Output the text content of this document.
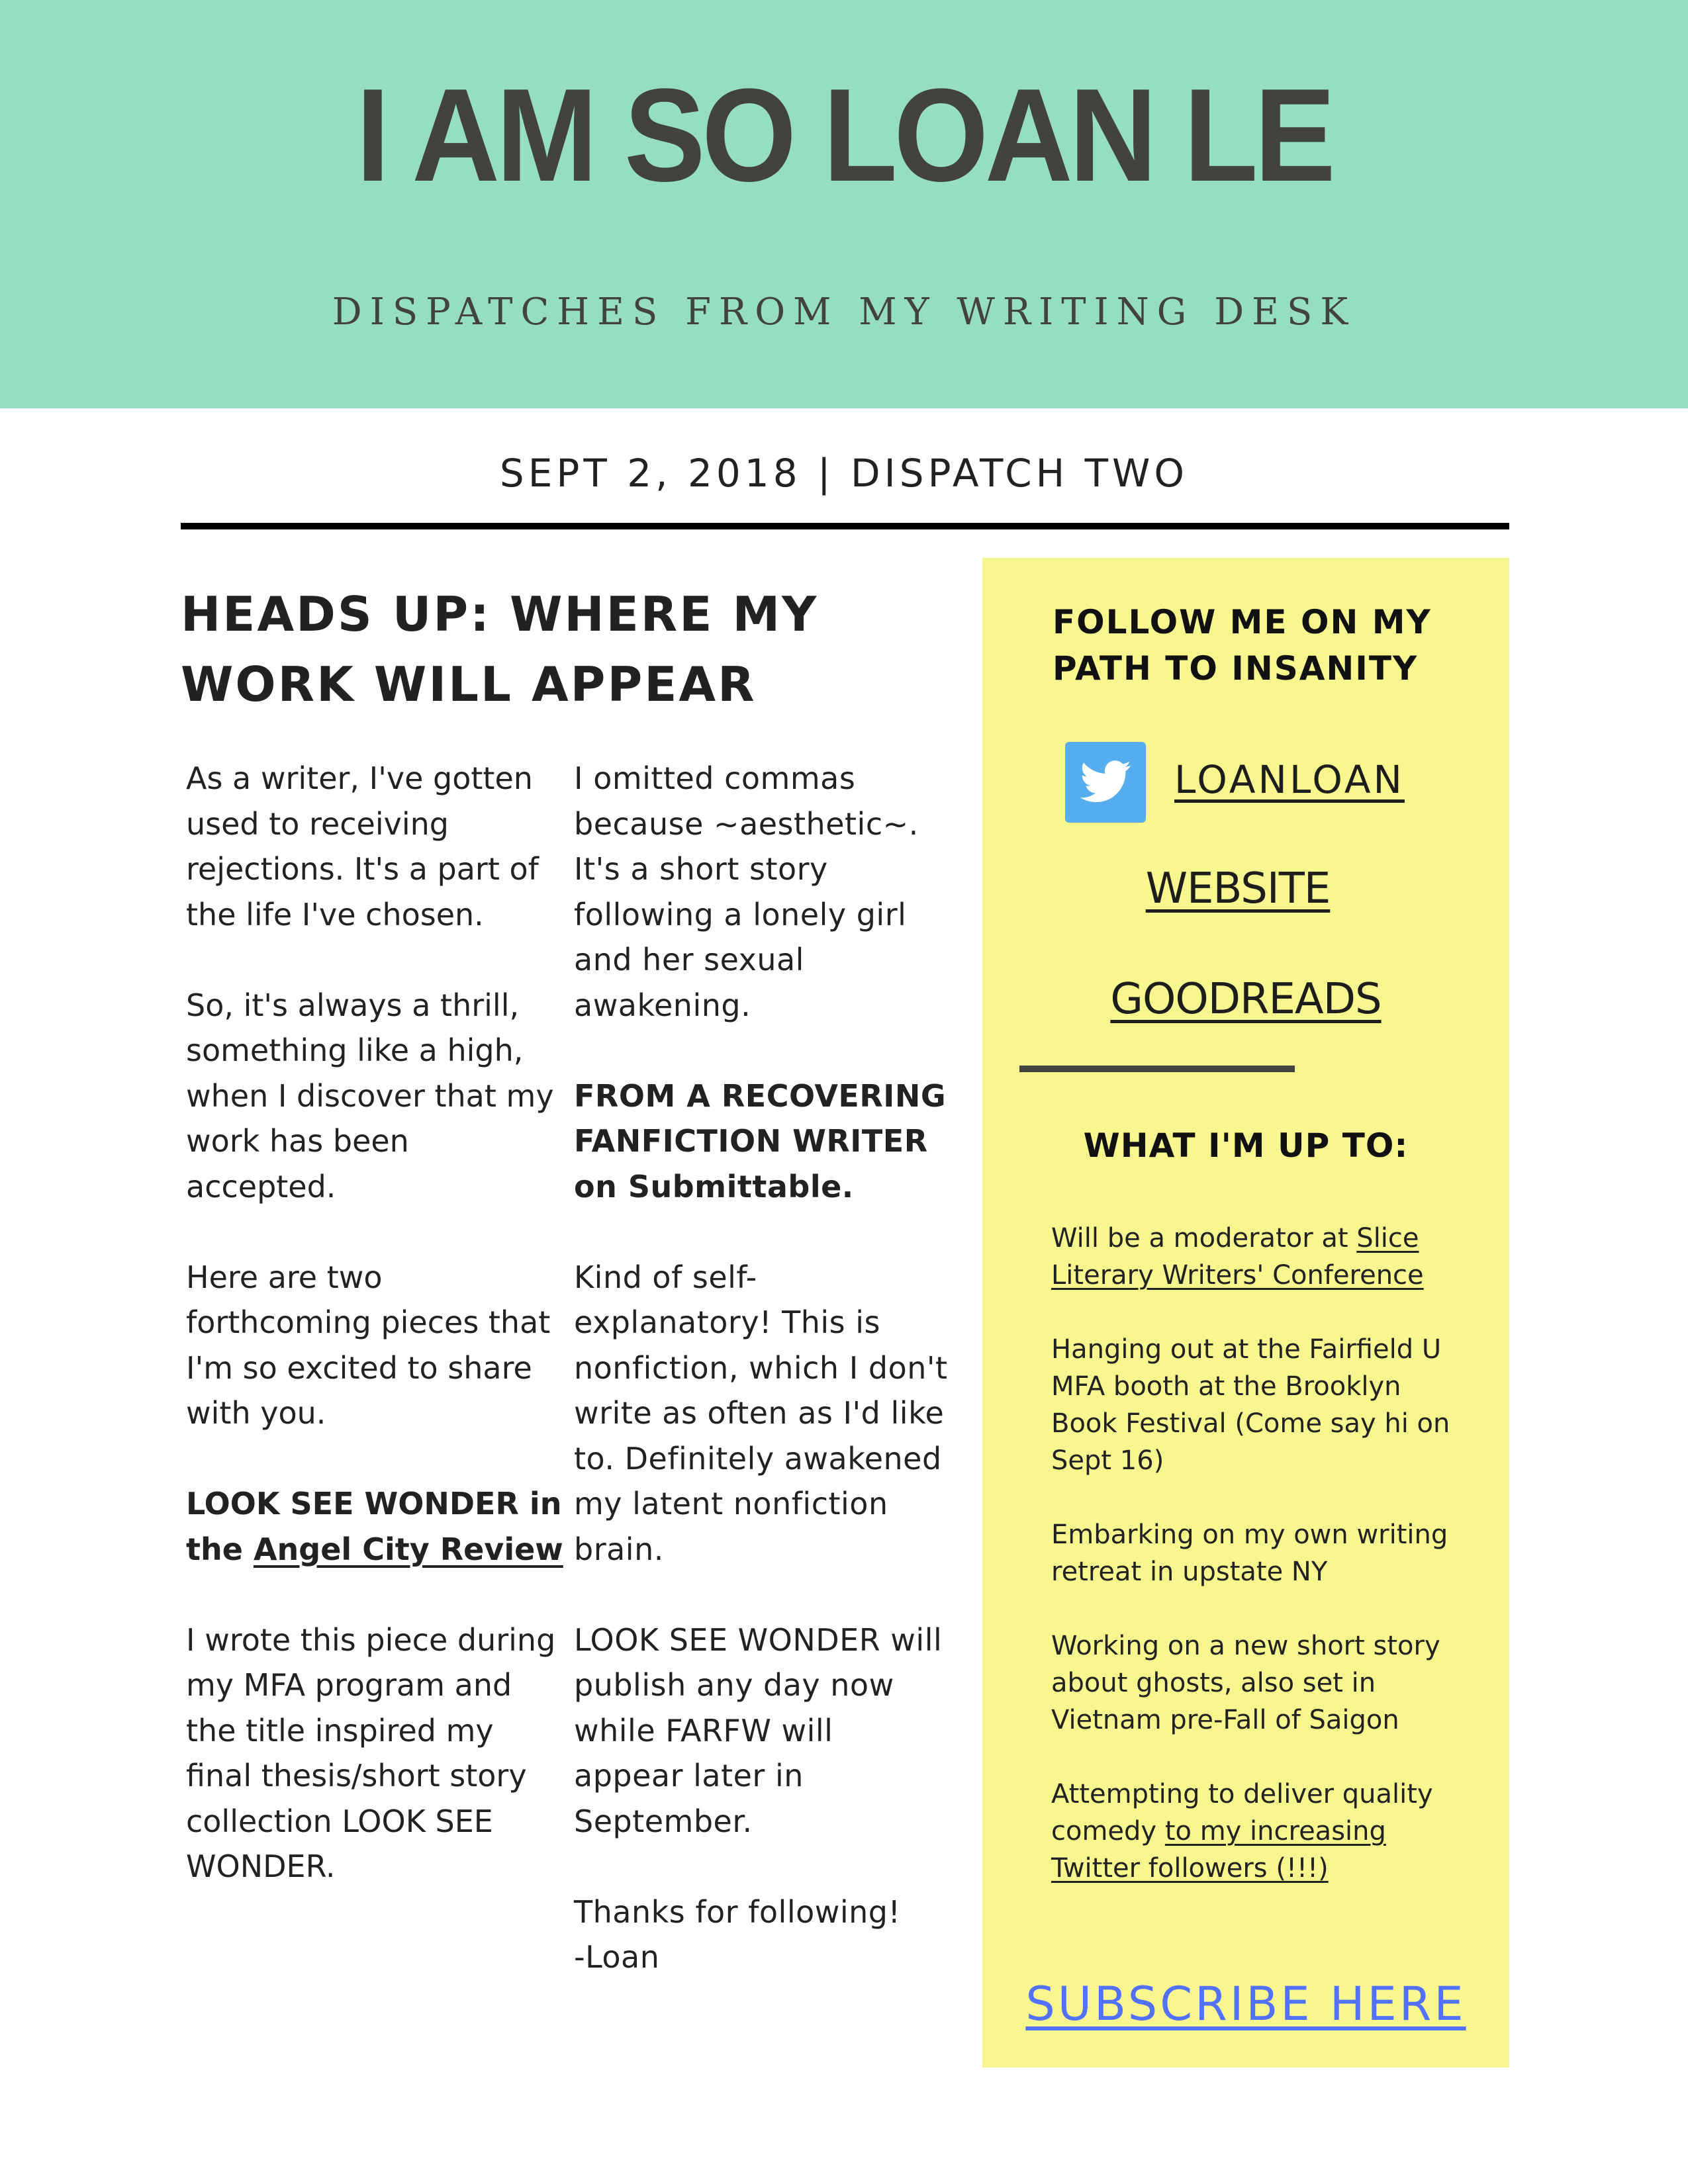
I AM SO LOAN LE
DISPATCHES FROM MY WRITING DESK
SEPT 2, 2018 | DISPATCH TWO
HEADS UP: WHERE MY WORK WILL APPEAR

As a writer, I've gotten used to receiving rejections. It's a part of the life I've chosen.

So, it's always a thrill, something like a high, when I discover that my work has been accepted.

Here are two forthcoming pieces that I'm so excited to share with you.

LOOK SEE WONDER in the Angel City Review

I wrote this piece during my MFA program and the title inspired my final thesis/short story collection LOOK SEE WONDER.

I omitted commas because ~aesthetic~. It's a short story following a lonely girl and her sexual awakening.

FROM A RECOVERING FANFICTION WRITER on Submittable.

Kind of self-explanatory! This is nonfiction, which I don't write as often as I'd like to. Definitely awakened my latent nonfiction brain.

LOOK SEE WONDER will publish any day now while FARFW will appear later in September.

Thanks for following!
-Loan

FOLLOW ME ON MY PATH TO INSANITY
LOANLOAN
WEBSITE
GOODREADS
WHAT I'M UP TO:

Will be a moderator at Slice Literary Writers' Conference

Hanging out at the Fairfield U MFA booth at the Brooklyn Book Festival (Come say hi on Sept 16)

Embarking on my own writing retreat in upstate NY

Working on a new short story about ghosts, also set in Vietnam pre-Fall of Saigon

Attempting to deliver quality comedy to my increasing Twitter followers (!!!)

SUBSCRIBE HERE
